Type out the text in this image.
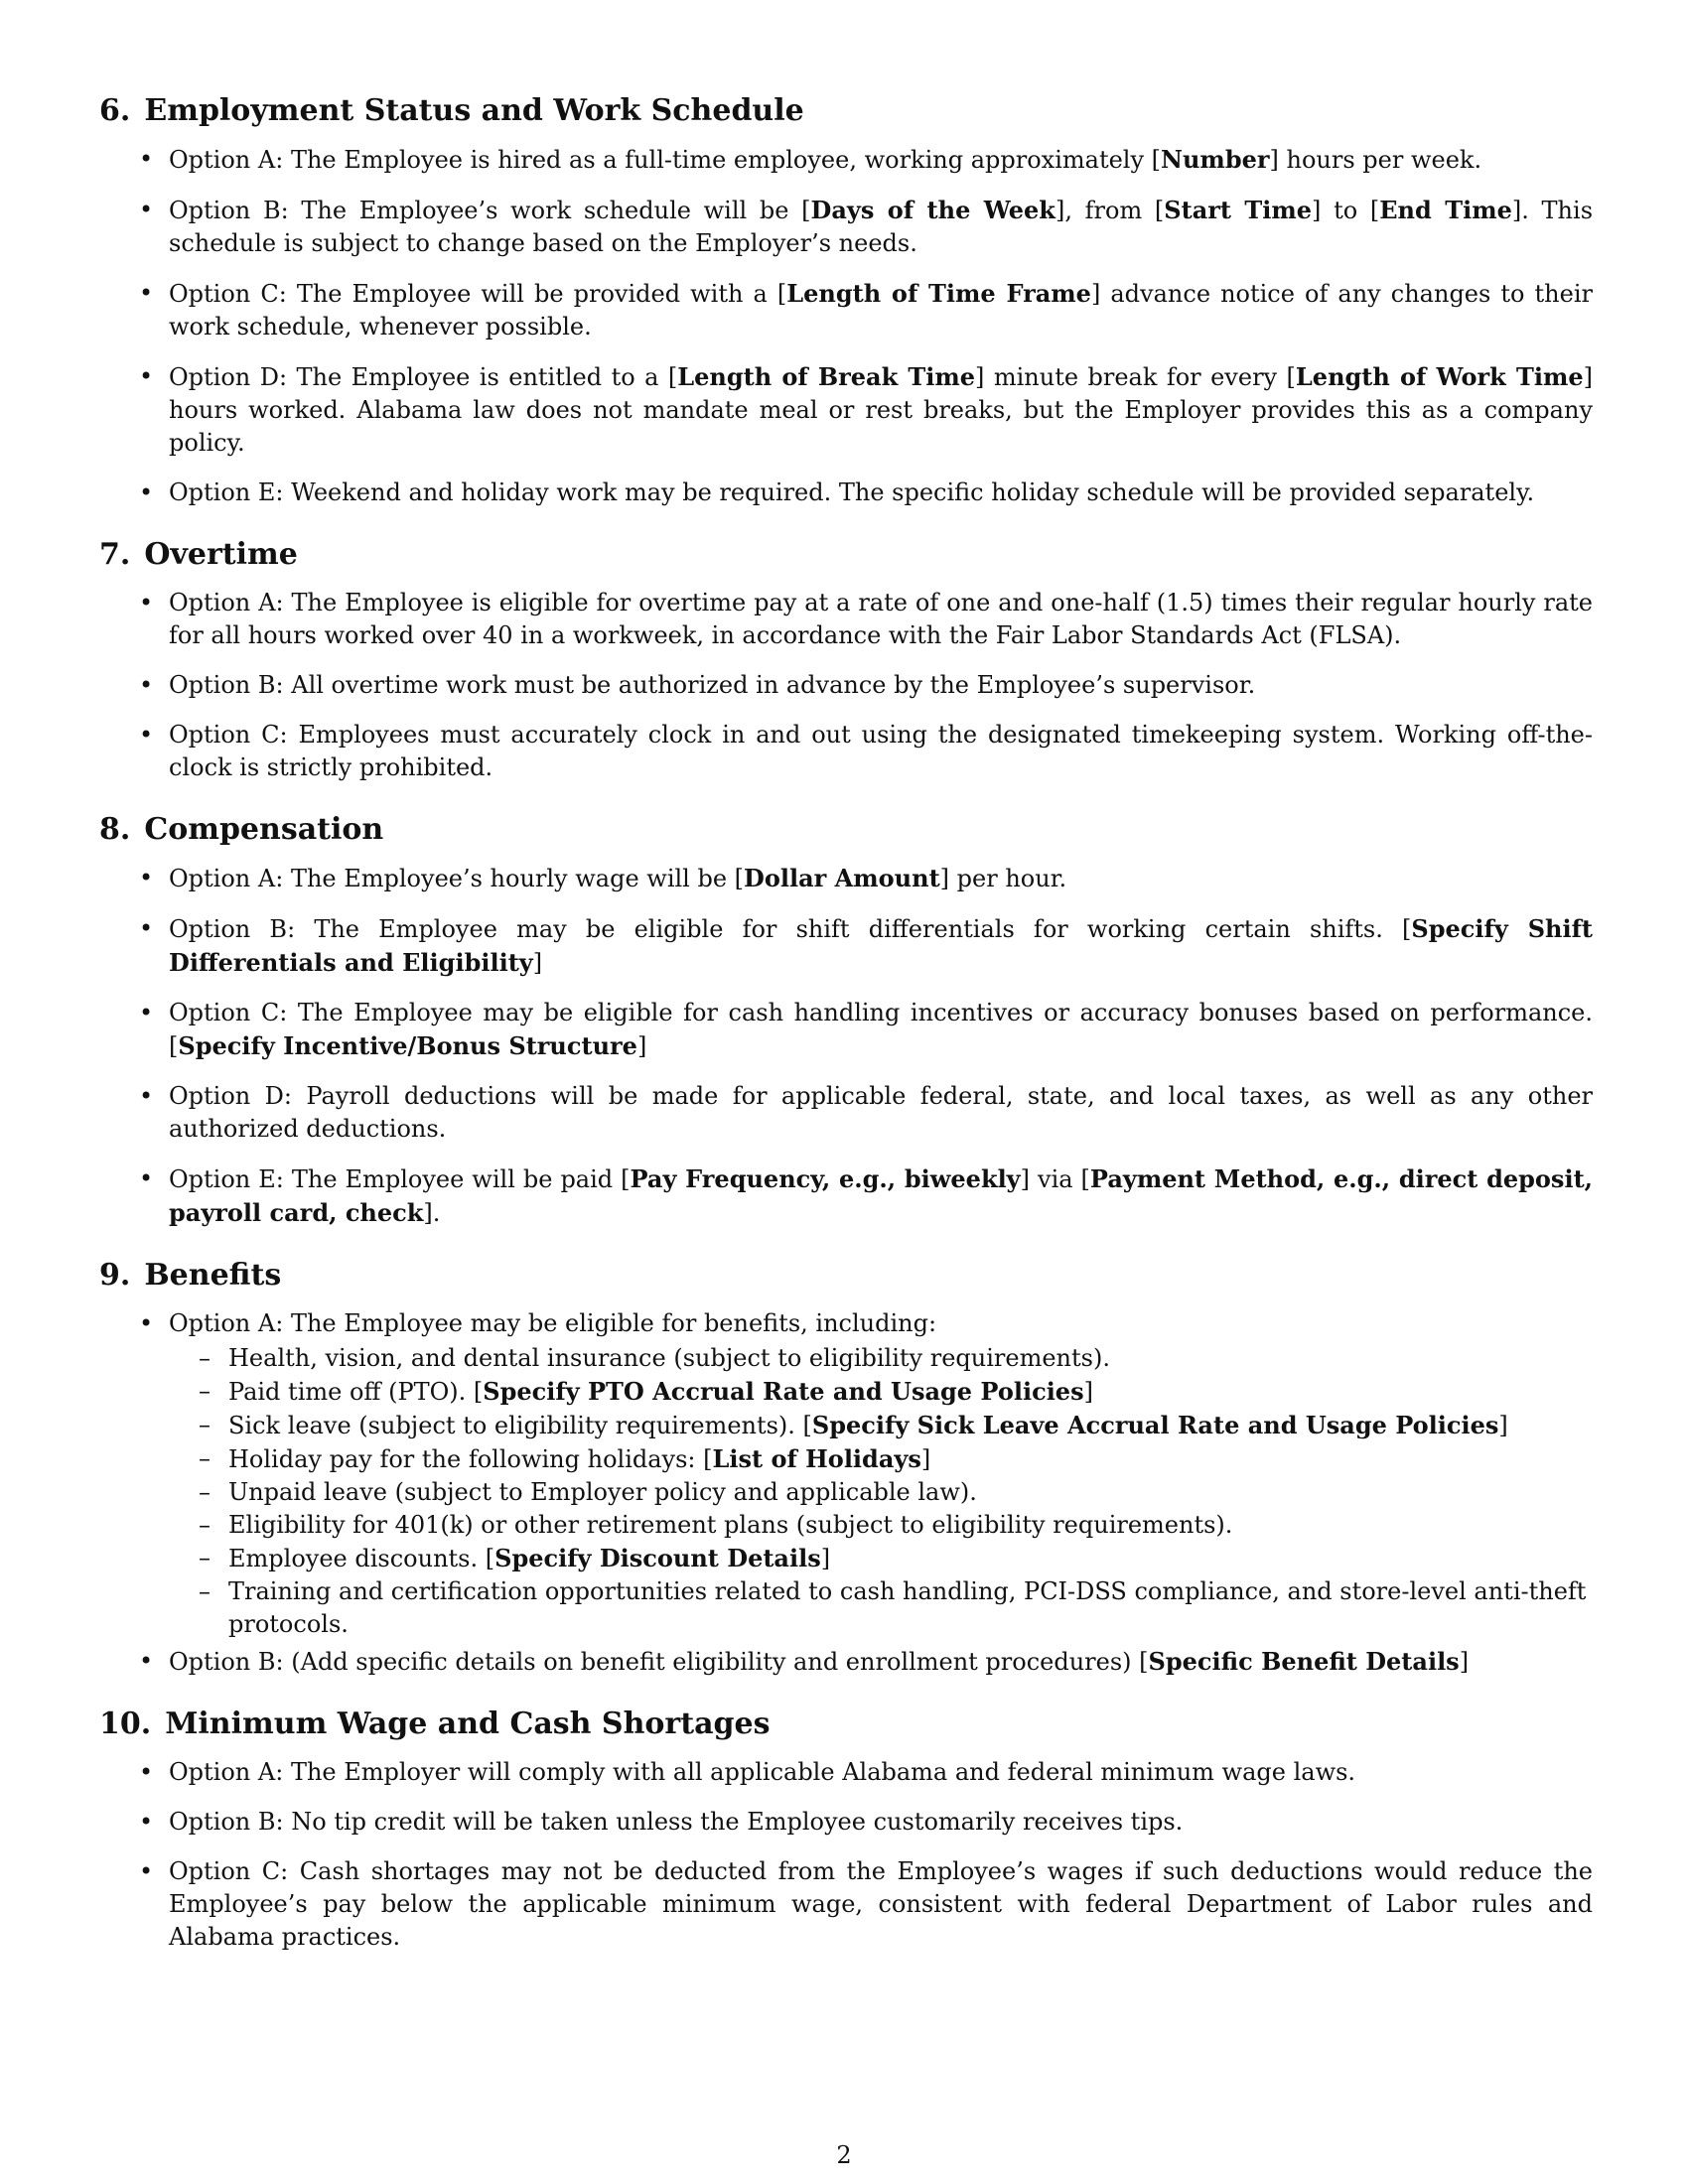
6. Employment Status and Work Schedule
• Option A: The Employee is hired as a full-time employee, working approximately [Number] hours per week.
• Option B: The Employee’s work schedule will be [Days of the Week], from [Start Time] to [End Time]. This schedule is subject to change based on the Employer’s needs.
• Option C: The Employee will be provided with a [Length of Time Frame] advance notice of any changes to their work schedule, whenever possible.
• Option D: The Employee is entitled to a [Length of Break Time] minute break for every [Length of Work Time] hours worked. Alabama law does not mandate meal or rest breaks, but the Employer provides this as a company policy.
• Option E: Weekend and holiday work may be required. The specific holiday schedule will be provided separately.
7. Overtime
• Option A: The Employee is eligible for overtime pay at a rate of one and one-half (1.5) times their regular hourly rate for all hours worked over 40 in a workweek, in accordance with the Fair Labor Standards Act (FLSA).
• Option B: All overtime work must be authorized in advance by the Employee’s supervisor.
• Option C: Employees must accurately clock in and out using the designated timekeeping system. Working off-the-clock is strictly prohibited.
8. Compensation
• Option A: The Employee’s hourly wage will be [Dollar Amount] per hour.
• Option B: The Employee may be eligible for shift differentials for working certain shifts. [Specify Shift Differentials and Eligibility]
• Option C: The Employee may be eligible for cash handling incentives or accuracy bonuses based on performance. [Specify Incentive/Bonus Structure]
• Option D: Payroll deductions will be made for applicable federal, state, and local taxes, as well as any other authorized deductions.
• Option E: The Employee will be paid [Pay Frequency, e.g., biweekly] via [Payment Method, e.g., direct deposit, payroll card, check].
9. Benefits
• Option A: The Employee may be eligible for benefits, including:
– Health, vision, and dental insurance (subject to eligibility requirements).
– Paid time off (PTO). [Specify PTO Accrual Rate and Usage Policies]
– Sick leave (subject to eligibility requirements). [Specify Sick Leave Accrual Rate and Usage Policies]
– Holiday pay for the following holidays: [List of Holidays]
– Unpaid leave (subject to Employer policy and applicable law).
– Eligibility for 401(k) or other retirement plans (subject to eligibility requirements).
– Employee discounts. [Specify Discount Details]
– Training and certification opportunities related to cash handling, PCI-DSS compliance, and store-level anti-theft protocols.
• Option B: (Add specific details on benefit eligibility and enrollment procedures) [Specific Benefit Details]
10. Minimum Wage and Cash Shortages
• Option A: The Employer will comply with all applicable Alabama and federal minimum wage laws.
• Option B: No tip credit will be taken unless the Employee customarily receives tips.
• Option C: Cash shortages may not be deducted from the Employee’s wages if such deductions would reduce the Employee’s pay below the applicable minimum wage, consistent with federal Department of Labor rules and Alabama practices.
2
